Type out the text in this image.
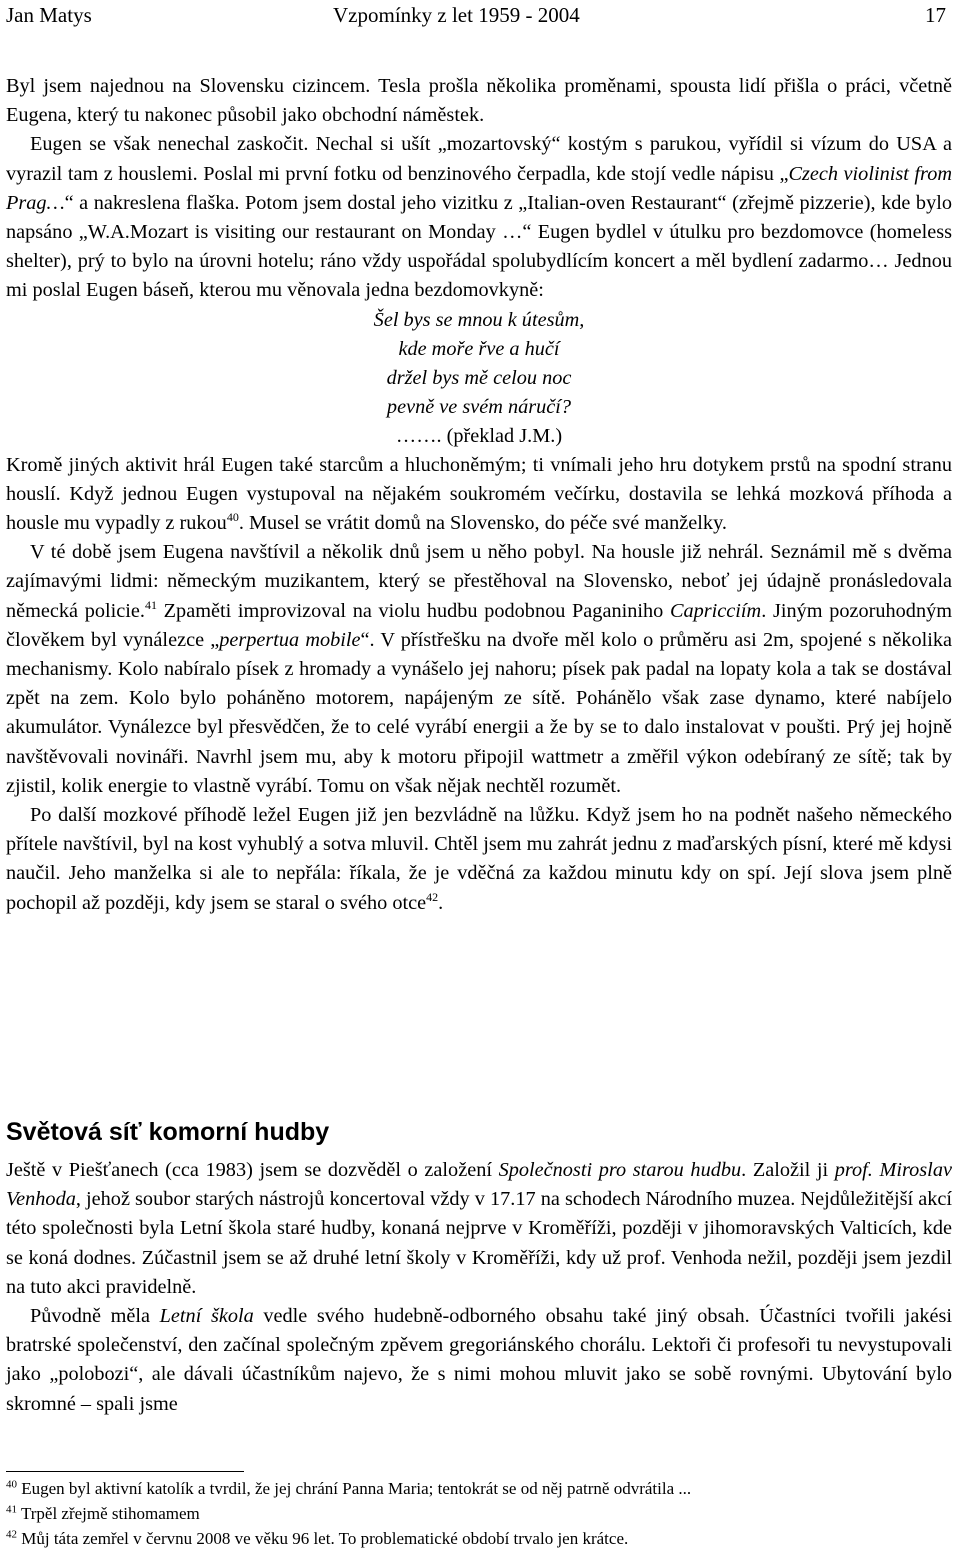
Jan Matys	Vzpomínky z let 1959 - 2004	17

Byl jsem najednou na Slovensku cizincem. Tesla prošla několika proměnami, spousta lidí přišla o práci, včetně Eugena, který tu nakonec působil jako obchodní náměstek.

Eugen se však nenechal zaskočit. Nechal si ušít „mozartovský“ kostým s parukou, vyřídil si vízum do USA a vyrazil tam z houslemi. Poslal mi první fotku od benzinového čerpadla, kde stojí vedle nápisu „Czech violinist from Prag…“ a nakreslena flaška. Potom jsem dostal jeho vizitku z „Italian-oven Restaurant“ (zřejmě pizzerie), kde bylo napsáno „W.A.Mozart is visiting our restaurant on Monday …“ Eugen bydlel v útulku pro bezdomovce (homeless shelter), prý to bylo na úrovni hotelu; ráno vždy uspořádal spolubydlícím koncert a měl bydlení zadarmo… Jednou mi poslal Eugen báseň, kterou mu věnovala jedna bezdomovkyně:

Šel bys se mnou k útesům,
kde moře řve a hučí
držel bys mě celou noc
pevně ve svém náručí?
……. (překlad J.M.)

Kromě jiných aktivit hrál Eugen také starcům a hluchoněmým; ti vnímali jeho hru dotykem prstů na spodní stranu houslí. Když jednou Eugen vystupoval na nějakém soukromém večírku, dostavila se lehká mozková příhoda a housle mu vypadly z rukou$^{40}$. Musel se vrátit domů na Slovensko, do péče své manželky.

V té době jsem Eugena navštívil a několik dnů jsem u něho pobyl. Na housle již nehrál. Seznámil mě s dvěma zajímavými lidmi: německým muzikantem, který se přestěhoval na Slovensko, neboť jej údajně pronásledovala německá policie.$^{41}$ Zpaměti improvizoval na violu hudbu podobnou Paganiniho Capricciím. Jiným pozoruhodným člověkem byl vynálezce „perpertua mobile“. V přístřešku na dvoře měl kolo o průměru asi 2m, spojené s několika mechanismy. Kolo nabíralo písek z hromady a vynášelo jej nahoru; písek pak padal na lopaty kola a tak se dostával zpět na zem. Kolo bylo poháněno motorem, napájeným ze sítě. Pohánělo však zase dynamo, které nabíjelo akumulátor. Vynálezce byl přesvědčen, že to celé vyrábí energii a že by se to dalo instalovat v poušti. Prý jej hojně navštěvovali novináři. Navrhl jsem mu, aby k motoru připojil wattmetr a změřil výkon odebíraný ze sítě; tak by zjistil, kolik energie to vlastně vyrábí. Tomu on však nějak nechtěl rozumět.

Po další mozkové příhodě ležel Eugen již jen bezvládně na lůžku. Když jsem ho na podnět našeho německého přítele navštívil, byl na kost vyhublý a sotva mluvil. Chtěl jsem mu zahrát jednu z maďarských písní, které mě kdysi naučil. Jeho manželka si ale to nepřála: říkala, že je vděčná za každou minutu kdy on spí. Její slova jsem plně pochopil až později, kdy jsem se staral o svého otce$^{42}$.

Světová síť komorní hudby

Ještě v Piešťanech (cca 1983) jsem se dozvěděl o založení Společnosti pro starou hudbu. Založil ji prof. Miroslav Venhoda, jehož soubor starých nástrojů koncertoval vždy v 17.17 na schodech Národního muzea. Nejdůležitější akcí této společnosti byla Letní škola staré hudby, konaná nejprve v Kroměříži, později v jihomoravských Valticích, kde se koná dodnes. Zúčastnil jsem se až druhé letní školy v Kroměříži, kdy už prof. Venhoda nežil, později jsem jezdil na tuto akci pravidelně.

Původně měla Letní škola vedle svého hudebně-odborného obsahu také jiný obsah. Účastníci tvořili jakési bratrské společenství, den začínal společným zpěvem gregoriánského chorálu. Lektoři či profesoři tu nevystupovali jako „polobozi“, ale dávali účastníkům najevo, že s nimi mohou mluvit jako se sobě rovnými. Ubytování bylo skromné – spali jsme

$^{40}$ Eugen byl aktivní katolík a tvrdil, že jej chrání Panna Maria; tentokrát se od něj patrně odvrátila ...
$^{41}$ Trpěl zřejmě stihomamem
$^{42}$ Můj táta zemřel v červnu 2008 ve věku 96 let. To problematické období trvalo jen krátce.
